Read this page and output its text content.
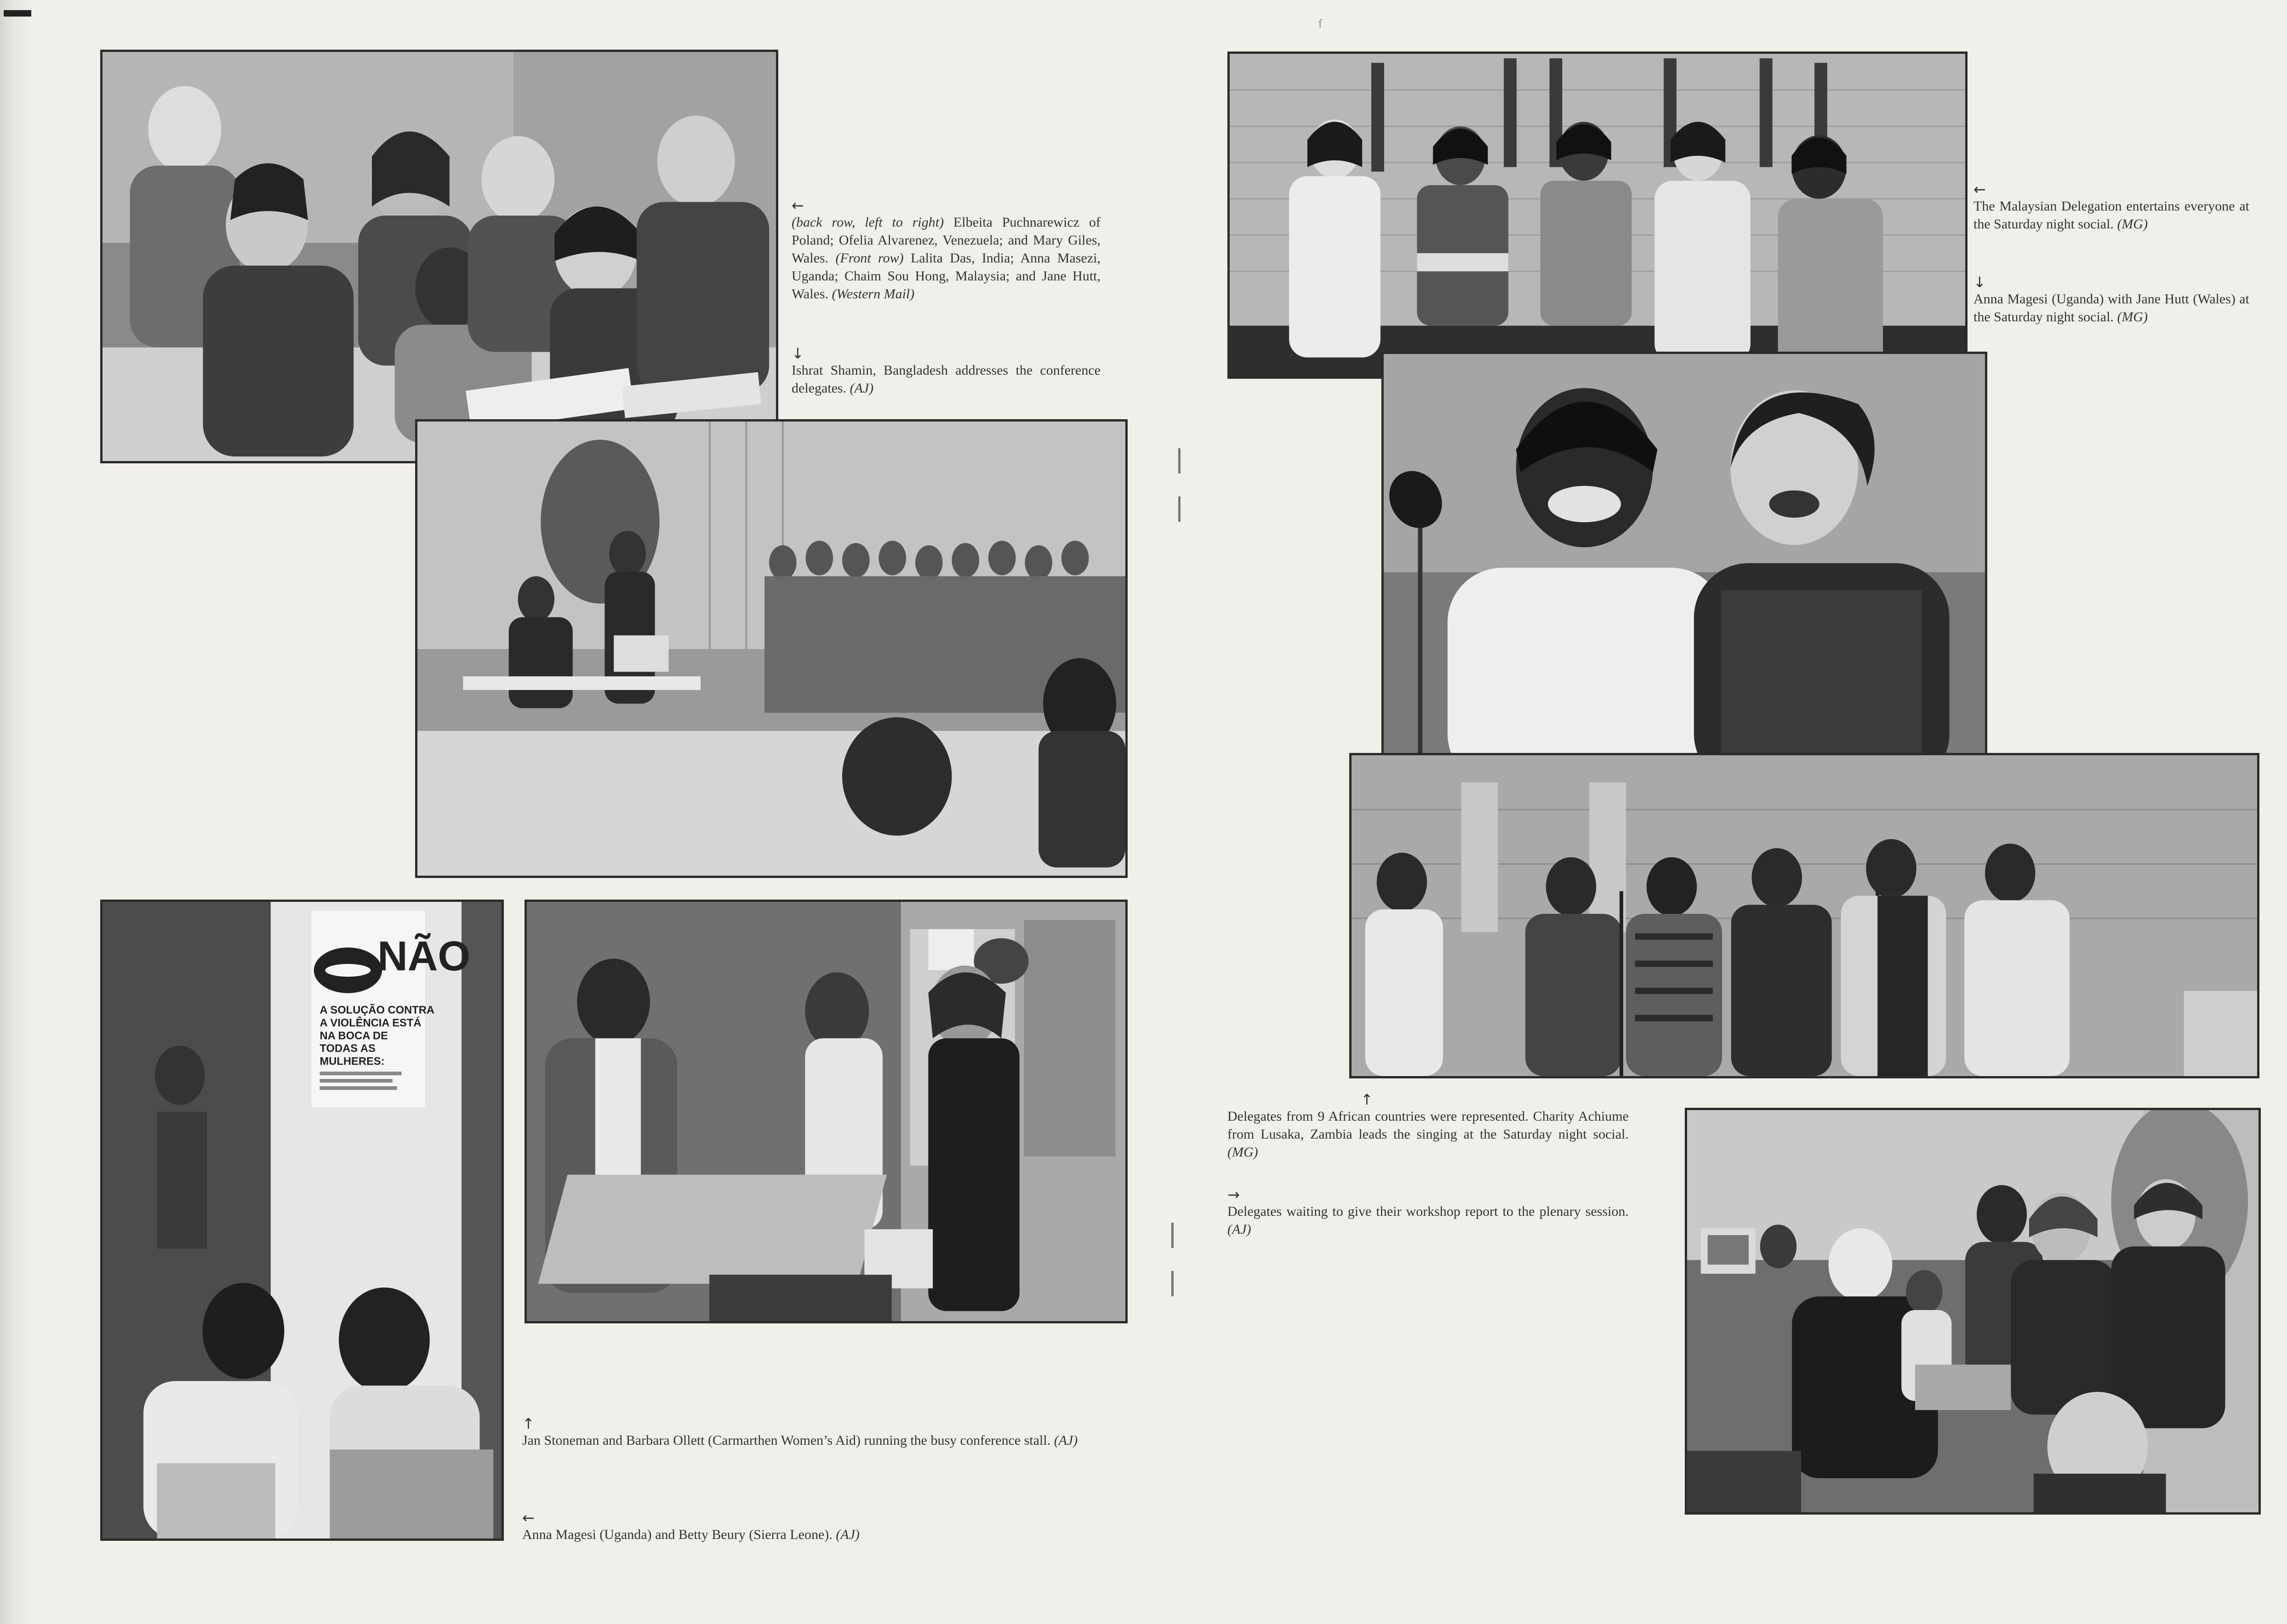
←
(back row, left to right) Elbeita Puchnarewicz of Poland; Ofelia Alvarenez, Venezuela; and Mary Giles, Wales. (Front row) Lalita Das, India; Anna Masezi, Uganda; Chaim Sou Hong, Malaysia; and Jane Hutt, Wales. (Western Mail)
↓
Ishrat Shamin, Bangladesh addresses the conference delegates. (AJ)
NÃO
A SOLUÇÃO CONTRA A VIOLÊNCIA ESTÁ NA BOCA DE TODAS AS MULHERES:
↑
Jan Stoneman and Barbara Ollett (Carmarthen Women’s Aid) running the busy conference stall. (AJ)
←
Anna Magesi (Uganda) and Betty Beury (Sierra Leone). (AJ)
←
The Malaysian Delegation entertains everyone at the Saturday night social. (MG)
↓
Anna Magesi (Uganda) with Jane Hutt (Wales) at the Saturday night social. (MG)
↑
Delegates from 9 African countries were represented. Charity Achiume from Lusaka, Zambia leads the singing at the Saturday night social. (MG)
→
Delegates waiting to give their workshop report to the plenary session. (AJ)
ſ
